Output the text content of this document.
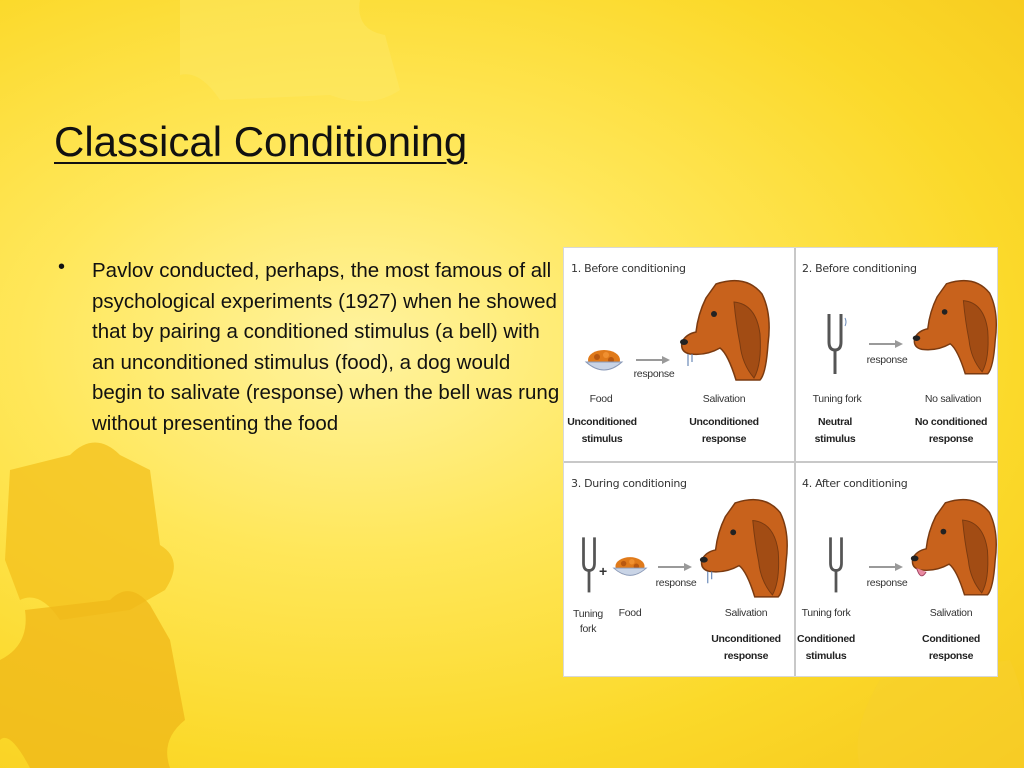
Classical Conditioning
• Pavlov conducted, perhaps, the most famous of all psychological experiments (1927) when he showed that by pairing a conditioned stimulus (a bell) with an unconditioned stimulus (food), a dog would begin to salivate (response) when the bell was rung without presenting the food
1. Before conditioning
response
Food	Salivation
Unconditioned
stimulus
Unconditioned
response
2. Before conditioning
response
Tuning fork	No salivation
Neutral
stimulus
No conditioned
response
3. During conditioning
+
response
Tuning fork
Food	Salivation
Unconditioned
response
4. After conditioning
response
Tuning fork	Salivation
Conditioned
stimulus
Conditioned
response
